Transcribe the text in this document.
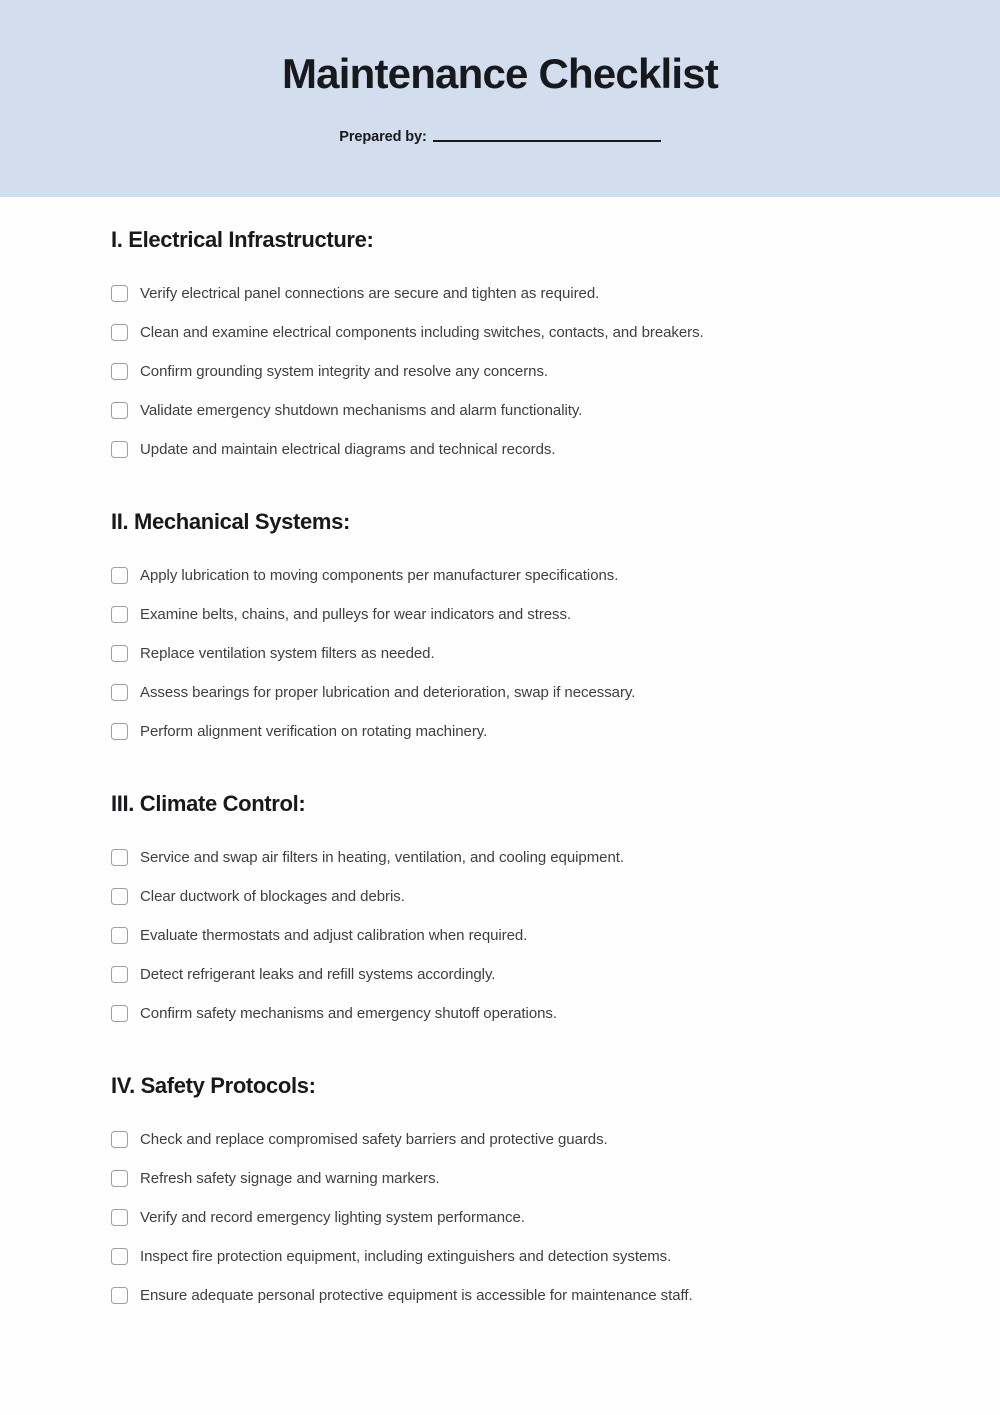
Maintenance Checklist
Prepared by:
I. Electrical Infrastructure:
Verify electrical panel connections are secure and tighten as required.
Clean and examine electrical components including switches, contacts, and breakers.
Confirm grounding system integrity and resolve any concerns.
Validate emergency shutdown mechanisms and alarm functionality.
Update and maintain electrical diagrams and technical records.
II. Mechanical Systems:
Apply lubrication to moving components per manufacturer specifications.
Examine belts, chains, and pulleys for wear indicators and stress.
Replace ventilation system filters as needed.
Assess bearings for proper lubrication and deterioration, swap if necessary.
Perform alignment verification on rotating machinery.
III. Climate Control:
Service and swap air filters in heating, ventilation, and cooling equipment.
Clear ductwork of blockages and debris.
Evaluate thermostats and adjust calibration when required.
Detect refrigerant leaks and refill systems accordingly.
Confirm safety mechanisms and emergency shutoff operations.
IV. Safety Protocols:
Check and replace compromised safety barriers and protective guards.
Refresh safety signage and warning markers.
Verify and record emergency lighting system performance.
Inspect fire protection equipment, including extinguishers and detection systems.
Ensure adequate personal protective equipment is accessible for maintenance staff.
